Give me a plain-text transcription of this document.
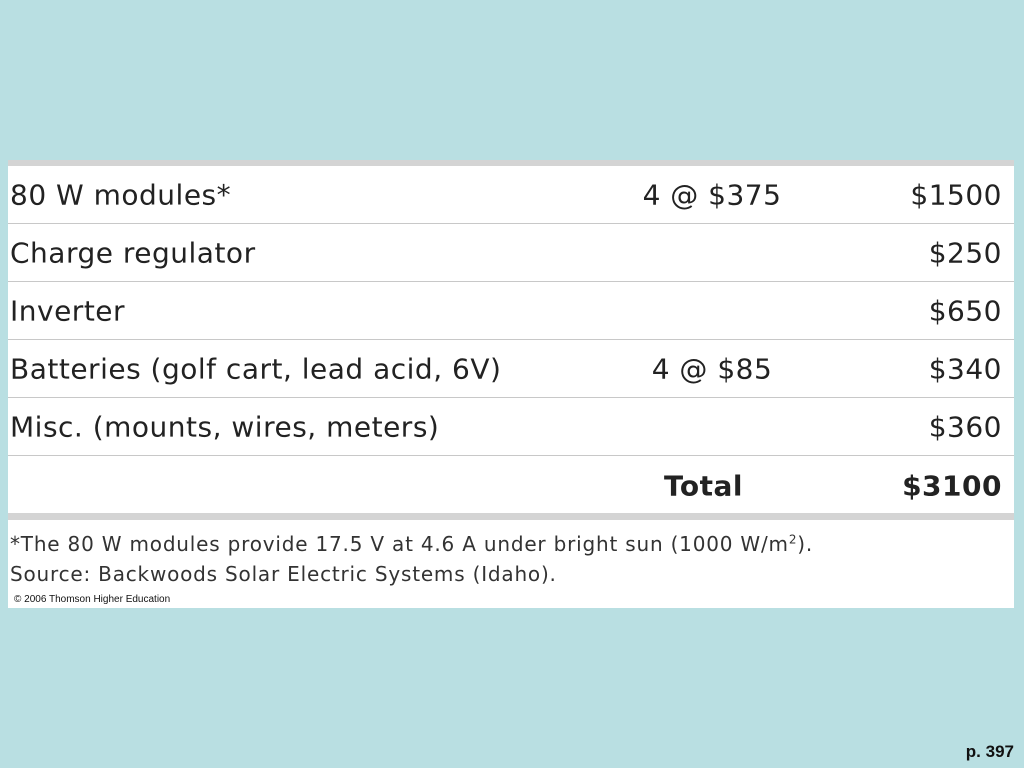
80 W modules*	4 @ $375	$1500
Charge regulator	$250
Inverter	$650
Batteries (golf cart, lead acid, 6V)	4 @ $85	$340
Misc. (mounts, wires, meters)	$360
Total	$3100
*The 80 W modules provide 17.5 V at 4.6 A under bright sun (1000 $W/m^2$).
Source: Backwoods Solar Electric Systems (Idaho).
© 2006 Thomson Higher Education
p. 397
